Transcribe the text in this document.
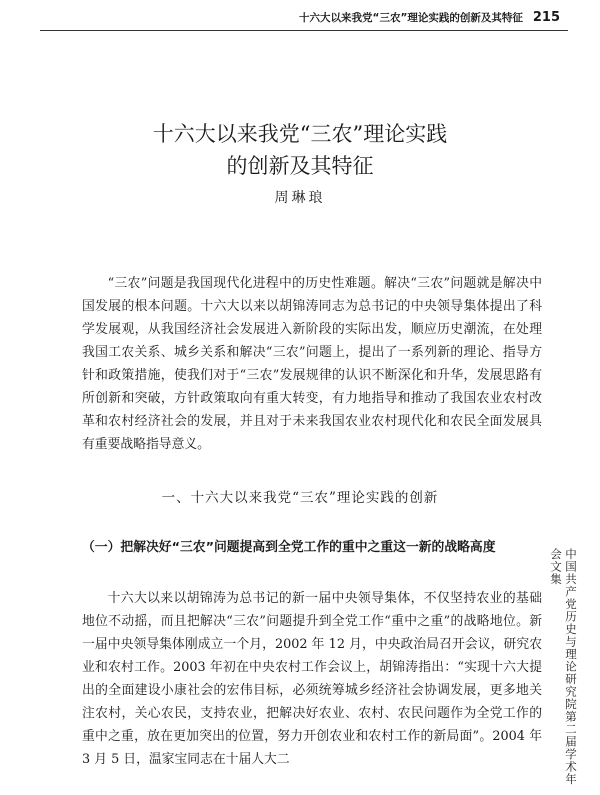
十六大以来我党“三农”理论实践的创新及其特征 215
十六大以来我党“三农”理论实践
的创新及其特征
周琳琅

“三农”问题是我国现代化进程中的历史性难题。解决“三农”问题就是解决中国发展的根本问题。十六大以来以胡锦涛同志为总书记的中央领导集体提出了科学发展观，从我国经济社会发展进入新阶段的实际出发，顺应历史潮流，在处理我国工农关系、城乡关系和解决“三农”问题上，提出了一系列新的理论、指导方针和政策措施，使我们对于“三农”发展规律的认识不断深化和升华，发展思路有所创新和突破，方针政策取向有重大转变，有力地指导和推动了我国农业农村改革和农村经济社会的发展，并且对于未来我国农业农村现代化和农民全面发展具有重要战略指导意义。

一、十六大以来我党“三农”理论实践的创新

（一）把解决好“三农”问题提高到全党工作的重中之重这一新的战略高度

十六大以来以胡锦涛为总书记的新一届中央领导集体，不仅坚持农业的基础地位不动摇，而且把解决“三农”问题提升到全党工作“重中之重”的战略地位。新一届中央领导集体刚成立一个月，2002 年 12 月，中央政治局召开会议，研究农业和农村工作。2003 年初在中央农村工作会议上，胡锦涛指出：“实现十六大提出的全面建设小康社会的宏伟目标，必须统筹城乡经济社会协调发展，更多地关注农村，关心农民，支持农业，把解决好农业、农村、农民问题作为全党工作的重中之重，放在更加突出的位置，努力开创农业和农村工作的新局面”。2004 年 3 月 5 日，温家宝同志在十届人大二	中国共产党历史与理论研究院第二届学术年会文集
